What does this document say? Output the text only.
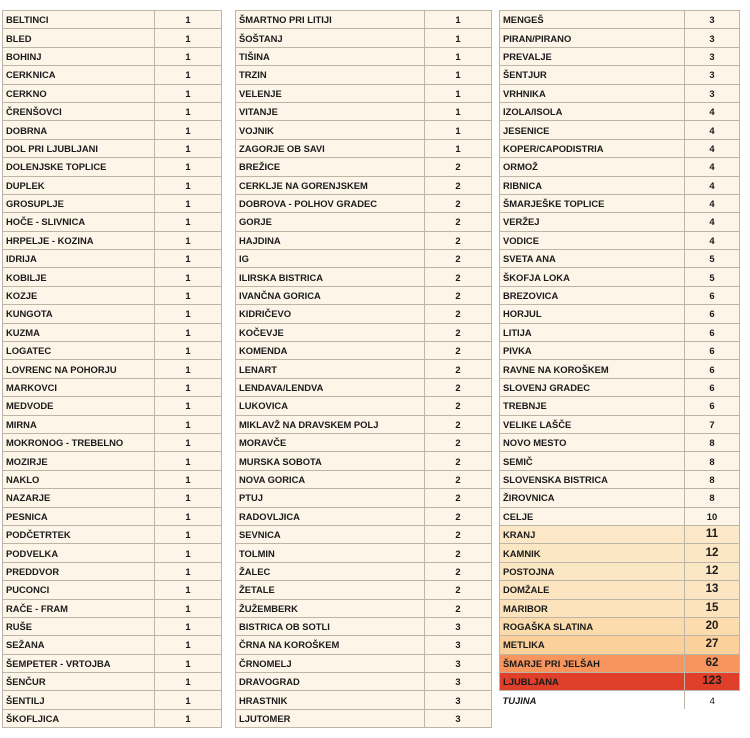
BELTINCI	1
BLED	1
BOHINJ	1
CERKNICA	1
CERKNO	1
ČRENŠOVCI	1
DOBRNA	1
DOL PRI LJUBLJANI	1
DOLENJSKE TOPLICE	1
DUPLEK	1
GROSUPLJE	1
HOČE - SLIVNICA	1
HRPELJE - KOZINA	1
IDRIJA	1
KOBILJE	1
KOZJE	1
KUNGOTA	1
KUZMA	1
LOGATEC	1
LOVRENC NA POHORJU	1
MARKOVCI	1
MEDVODE	1
MIRNA	1
MOKRONOG - TREBELNO	1
MOZIRJE	1
NAKLO	1
NAZARJE	1
PESNICA	1
PODČETRTEK	1
PODVELKA	1
PREDDVOR	1
PUCONCI	1
RAČE - FRAM	1
RUŠE	1
SEŽANA	1
ŠEMPETER - VRTOJBA	1
ŠENČUR	1
ŠENTILJ	1
ŠKOFLJICA	1
ŠMARTNO PRI LITIJI	1
ŠOŠTANJ	1
TIŠINA	1
TRZIN	1
VELENJE	1
VITANJE	1
VOJNIK	1
ZAGORJE OB SAVI	1
BREŽICE	2
CERKLJE NA GORENJSKEM	2
DOBROVA - POLHOV GRADEC	2
GORJE	2
HAJDINA	2
IG	2
ILIRSKA BISTRICA	2
IVANČNA GORICA	2
KIDRIČEVO	2
KOČEVJE	2
KOMENDA	2
LENART	2
LENDAVA/LENDVA	2
LUKOVICA	2
MIKLAVŽ NA DRAVSKEM POLJ	2
MORAVČE	2
MURSKA SOBOTA	2
NOVA GORICA	2
PTUJ	2
RADOVLJICA	2
SEVNICA	2
TOLMIN	2
ŽALEC	2
ŽETALE	2
ŽUŽEMBERK	2
BISTRICA OB SOTLI	3
ČRNA NA KOROŠKEM	3
ČRNOMELJ	3
DRAVOGRAD	3
HRASTNIK	3
LJUTOMER	3
MENGEŠ	3
PIRAN/PIRANO	3
PREVALJE	3
ŠENTJUR	3
VRHNIKA	3
IZOLA/ISOLA	4
JESENICE	4
KOPER/CAPODISTRIA	4
ORMOŽ	4
RIBNICA	4
ŠMARJEŠKE TOPLICE	4
VERŽEJ	4
VODICE	4
SVETA ANA	5
ŠKOFJA LOKA	5
BREZOVICA	6
HORJUL	6
LITIJA	6
PIVKA	6
RAVNE NA KOROŠKEM	6
SLOVENJ GRADEC	6
TREBNJE	6
VELIKE LAŠČE	7
NOVO MESTO	8
SEMIČ	8
SLOVENSKA BISTRICA	8
ŽIROVNICA	8
CELJE	10
KRANJ	11
KAMNIK	12
POSTOJNA	12
DOMŽALE	13
MARIBOR	15
ROGAŠKA SLATINA	20
METLIKA	27
ŠMARJE PRI JELŠAH	62
LJUBLJANA	123
TUJINA	4
